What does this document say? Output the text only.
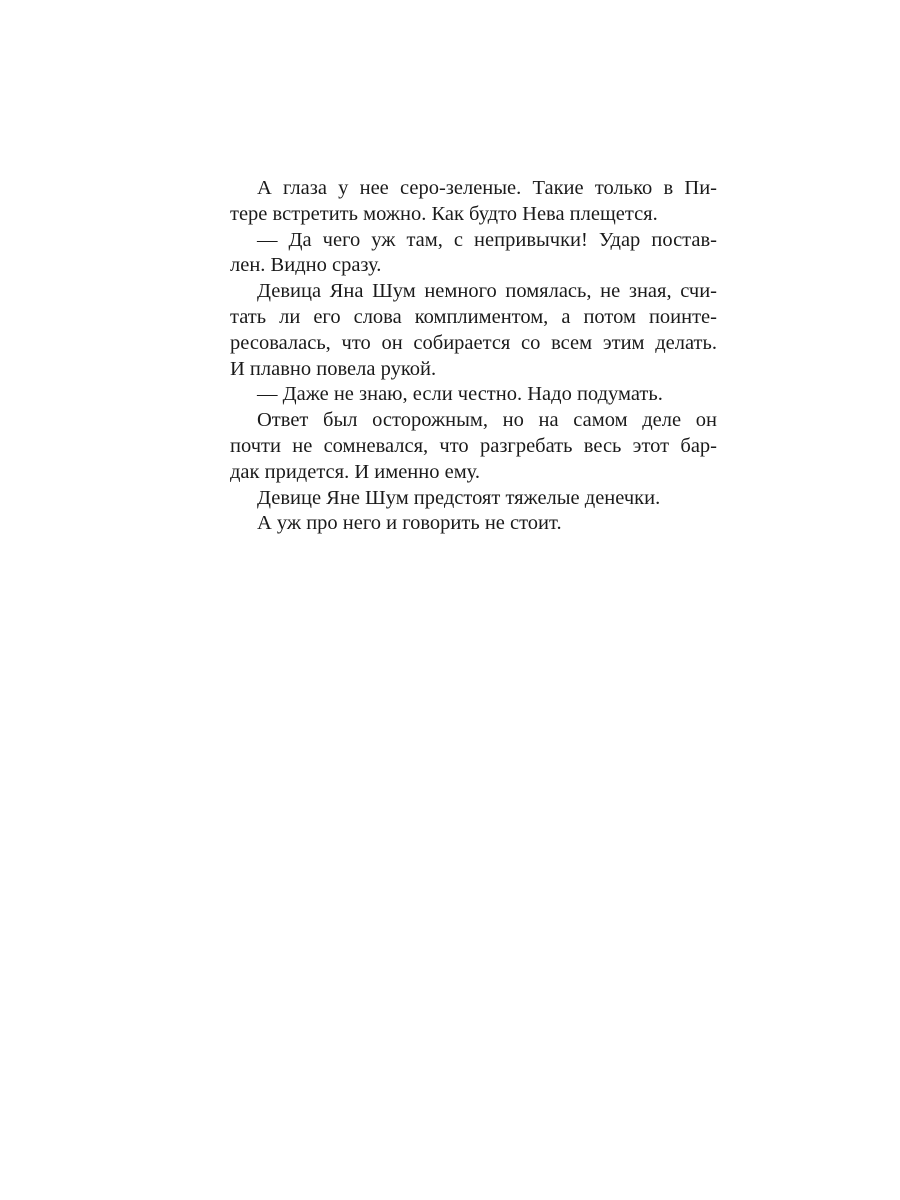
А глаза у нее серо-зеленые. Такие только в Пи-
тере встретить можно. Как будто Нева плещется.
— Да чего уж там, с непривычки! Удар постав-
лен. Видно сразу.
Девица Яна Шум немного помялась, не зная, счи-
тать ли его слова комплиментом, а потом поинте-
ресовалась, что он собирается со всем этим делать.
И плавно повела рукой.
— Даже не знаю, если честно. Надо подумать.
Ответ был осторожным, но на самом деле он
почти не сомневался, что разгребать весь этот бар-
дак придется. И именно ему.
Девице Яне Шум предстоят тяжелые денечки.
А уж про него и говорить не стоит.
